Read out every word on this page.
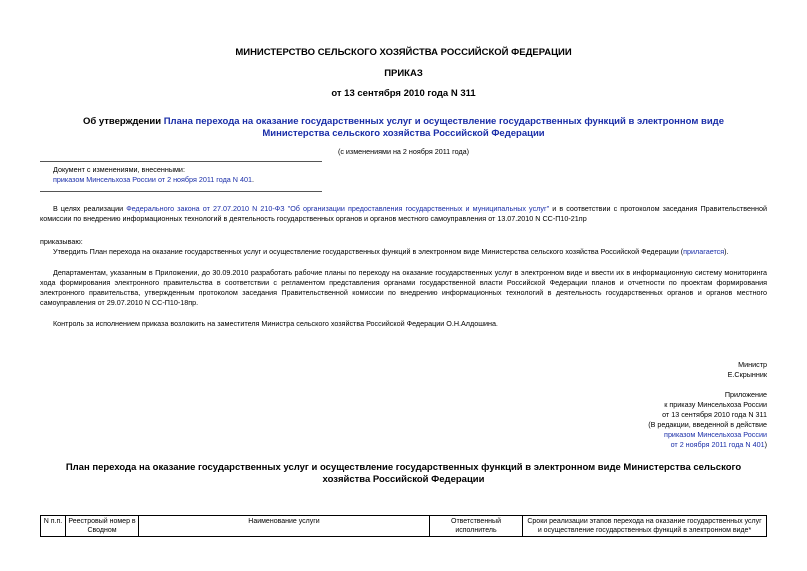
МИНИСТЕРСТВО СЕЛЬСКОГО ХОЗЯЙСТВА РОССИЙСКОЙ ФЕДЕРАЦИИ
ПРИКАЗ
от 13 сентября 2010 года N 311
Об утверждении Плана перехода на оказание государственных услуг и осуществление государственных функций в электронном виде Министерства сельского хозяйства Российской Федерации
(с изменениями на 2 ноября 2011 года)
Документ с изменениями, внесенными:
приказом Минсельхоза России от 2 ноября 2011 года N 401.
В целях реализации Федерального закона от 27.07.2010 N 210-ФЗ "Об организации предоставления государственных и муниципальных услуг" и в соответствии с протоколом заседания Правительственной комиссии по внедрению информационных технологий в деятельность государственных органов и органов местного самоуправления от 13.07.2010 N СС-П10-21пр
приказываю:
Утвердить План перехода на оказание государственных услуг и осуществление государственных функций в электронном виде Министерства сельского хозяйства Российской Федерации (прилагается).
Департаментам, указанным в Приложении, до 30.09.2010 разработать рабочие планы по переходу на оказание государственных услуг в электронном виде и ввести их в информационную систему мониторинга хода формирования электронного правительства в соответствии с регламентом представления органами государственной власти Российской Федерации планов и отчетности по проектам формирования электронного правительства, утвержденным протоколом заседания Правительственной комиссии по внедрению информационных технологий в деятельность государственных органов и органов местного самоуправления от 29.07.2010 N СС-П10-18пр.
Контроль за исполнением приказа возложить на заместителя Министра сельского хозяйства Российской Федерации О.Н.Алдошина.
Министр
Е.Скрынник
Приложение
к приказу Минсельхоза России
от 13 сентября 2010 года N 311
(В редакции, введенной в действие
приказом Минсельхоза России
от 2 ноября 2011 года N 401)
План перехода на оказание государственных услуг и осуществление государственных функций в электронном виде Министерства сельского хозяйства Российской Федерации
N п.п.	Реестровый номер в Сводном	Наименование услуги	Ответственный исполнитель	Сроки реализации этапов перехода на оказание государственных услуг и осуществление государственных функций в электронном виде*
